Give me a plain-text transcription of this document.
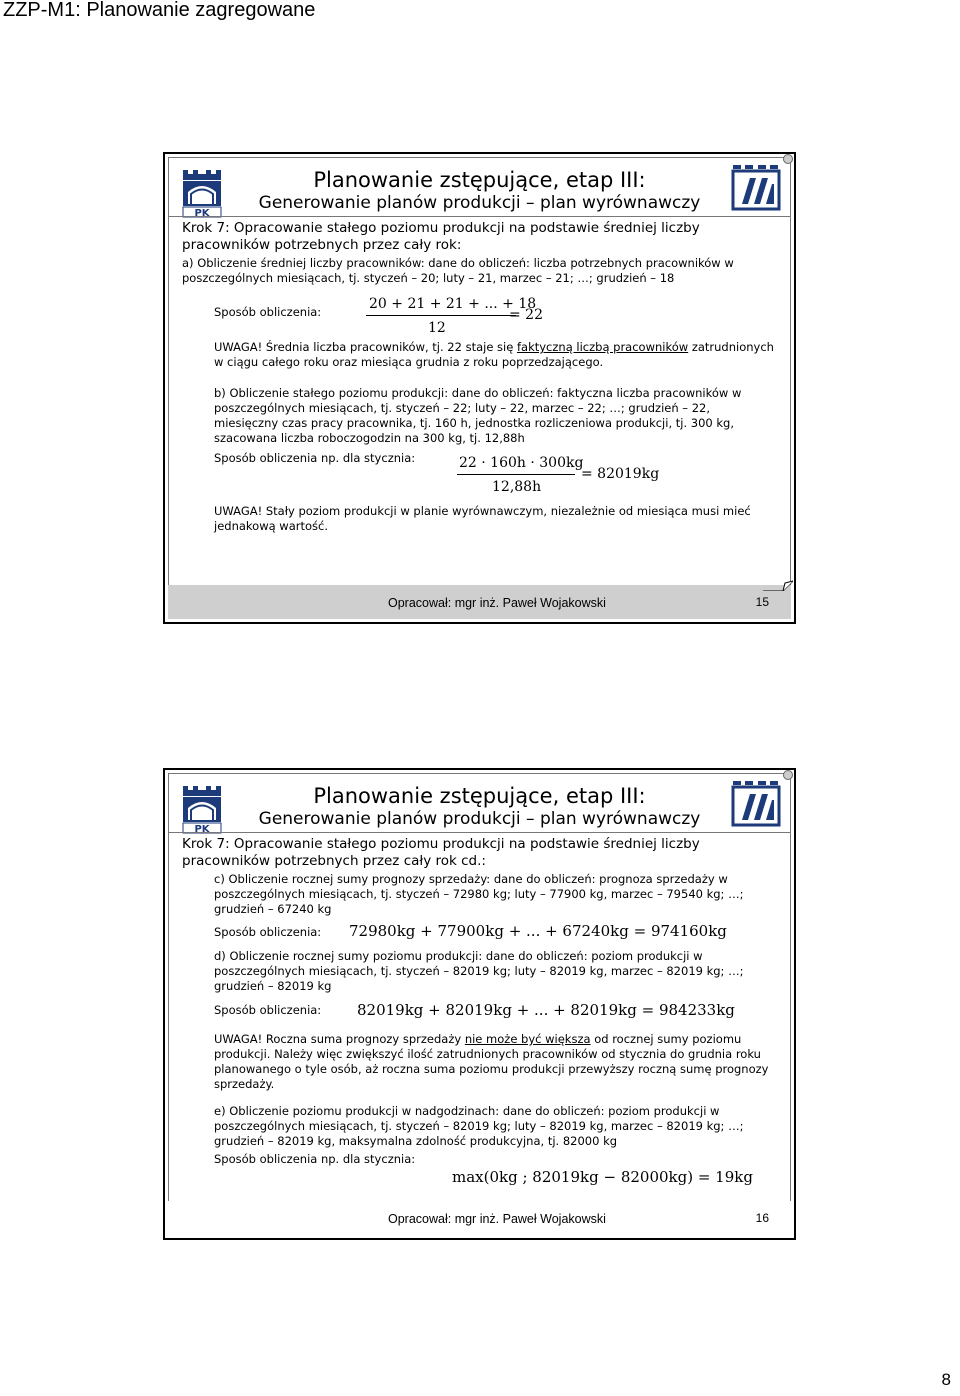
ZZP-M1: Planowanie zagregowane
PK
Planowanie zstępujące, etap III:
Generowanie planów produkcji – plan wyrównawczy
Krok 7: Opracowanie stałego poziomu produkcji na podstawie średniej liczby
pracowników potrzebnych przez cały rok:
a) Obliczenie średniej liczby pracowników: dane do obliczeń: liczba potrzebnych pracowników w poszczególnych miesiącach, tj. styczeń – 20; luty – 21, marzec – 21; …; grudzień – 18
Sposób obliczenia:	20 + 21 + 21 + ... + 18
12
= 22
UWAGA! Średnia liczba pracowników, tj. 22 staje się faktyczną liczbą pracowników zatrudnionych w ciągu całego roku oraz miesiąca grudnia z roku poprzedzającego.
b) Obliczenie stałego poziomu produkcji: dane do obliczeń: faktyczna liczba pracowników w poszczególnych miesiącach, tj. styczeń – 22; luty – 22, marzec – 22; …; grudzień – 22, miesięczny czas pracy pracownika, tj. 160 h, jednostka rozliczeniowa produkcji, tj. 300 kg, szacowana liczba roboczogodzin na 300 kg, tj. 12,88h
Sposób obliczenia np. dla stycznia:	22 · 160h · 300kg
12,88h
= 82019kg
UWAGA! Stały poziom produkcji w planie wyrównawczym, niezależnie od miesiąca musi mieć jednakową wartość.
Opracował: mgr inż. Paweł Wojakowski	15
PK
Planowanie zstępujące, etap III:
Generowanie planów produkcji – plan wyrównawczy
Krok 7: Opracowanie stałego poziomu produkcji na podstawie średniej liczby
pracowników potrzebnych przez cały rok cd.:
c) Obliczenie rocznej sumy prognozy sprzedaży: dane do obliczeń: prognoza sprzedaży w poszczególnych miesiącach, tj. styczeń – 72980 kg; luty – 77900 kg, marzec – 79540 kg; …; grudzień – 67240 kg
Sposób obliczenia: 72980kg + 77900kg + ... + 67240kg = 974160kg
d) Obliczenie rocznej sumy poziomu produkcji: dane do obliczeń: poziom produkcji w poszczególnych miesiącach, tj. styczeń – 82019 kg; luty – 82019 kg, marzec – 82019 kg; …; grudzień – 82019 kg
Sposób obliczenia: 82019kg + 82019kg + ... + 82019kg = 984233kg
UWAGA! Roczna suma prognozy sprzedaży nie może być większa od rocznej sumy poziomu produkcji. Należy więc zwiększyć ilość zatrudnionych pracowników od stycznia do grudnia roku planowanego o tyle osób, aż roczna suma poziomu produkcji przewyższy roczną sumę prognozy sprzedaży.
e) Obliczenie poziomu produkcji w nadgodzinach: dane do obliczeń: poziom produkcji w poszczególnych miesiącach, tj. styczeń – 82019 kg; luty – 82019 kg, marzec – 82019 kg; …; grudzień – 82019 kg, maksymalna zdolność produkcyjna, tj. 82000 kg
Sposób obliczenia np. dla stycznia:
max(0kg ; 82019kg − 82000kg) = 19kg
Opracował: mgr inż. Paweł Wojakowski	16
8
